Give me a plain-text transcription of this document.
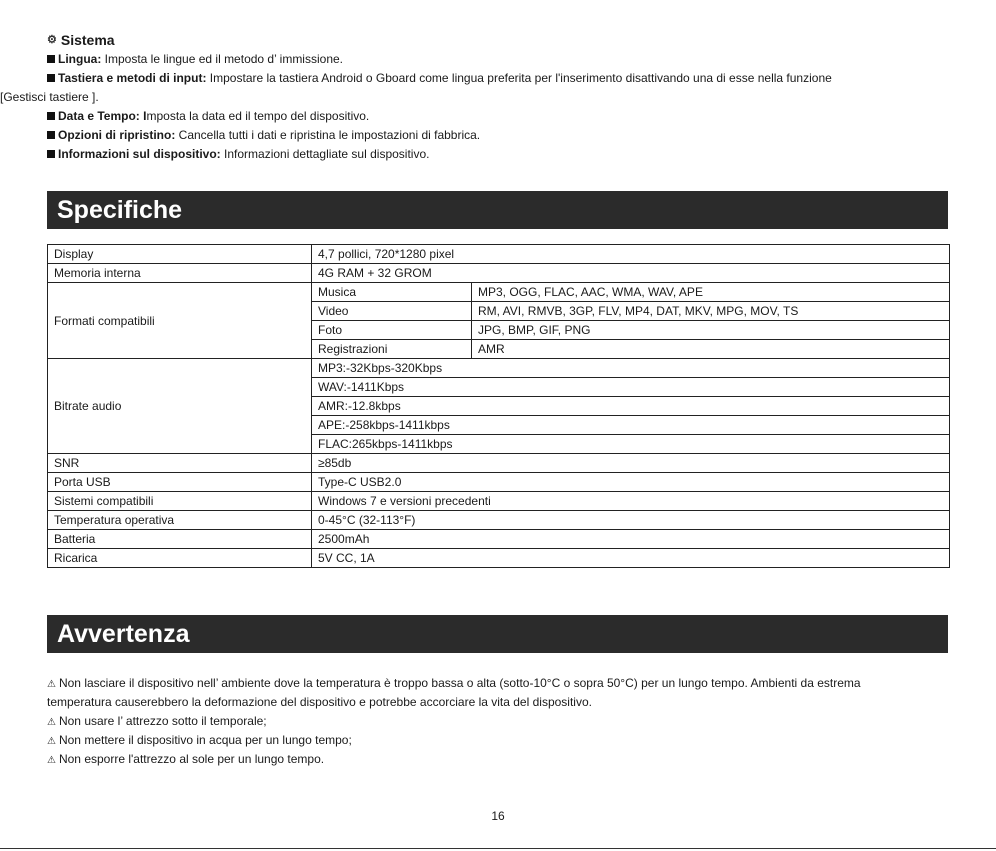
⚙ Sistema
Lingua: Imposta le lingue ed il metodo d’ immissione.
Tastiera e metodi di input: Impostare la tastiera Android o Gboard come lingua preferita per l'inserimento disattivando una di esse nella funzione
[Gestisci tastiere ].
Data e Tempo: Imposta la data ed il tempo del dispositivo.
Opzioni di ripristino: Cancella tutti i dati e ripristina le impostazioni di fabbrica.
Informazioni sul dispositivo: Informazioni dettagliate sul dispositivo.
Specifiche
Display	4,7 pollici, 720*1280 pixel	
Memoria interna	4G RAM + 32 GROM	
Formati compatibili	Musica	MP3, OGG, FLAC, AAC, WMA, WAV, APE
	Video	RM, AVI, RMVB, 3GP, FLV, MP4, DAT, MKV, MPG, MOV, TS
	Foto	JPG, BMP, GIF, PNG
	Registrazioni	AMR
Bitrate audio	MP3:-32Kbps-320Kbps	
	WAV:-1411Kbps	
	AMR:-12.8kbps	
	APE:-258kbps-1411kbps	
	FLAC:265kbps-1411kbps	
SNR	≥85db	
Porta USB	Type-C USB2.0	
Sistemi compatibili	Windows 7 e versioni precedenti	
Temperatura operativa	0-45°C (32-113°F)	
Batteria	2500mAh	
Ricarica	5V CC, 1A	
Avvertenza
⚠ Non lasciare il dispositivo nell’ ambiente dove la temperatura è troppo bassa o alta (sotto-10°C o sopra 50°C) per un lungo tempo. Ambienti da estrema
temperatura causerebbero la deformazione del dispositivo e potrebbe accorciare la vita del dispositivo.
⚠ Non usare l’ attrezzo sotto il temporale;
⚠ Non mettere il dispositivo in acqua per un lungo tempo;
⚠ Non esporre l'attrezzo al sole per un lungo tempo.
16
